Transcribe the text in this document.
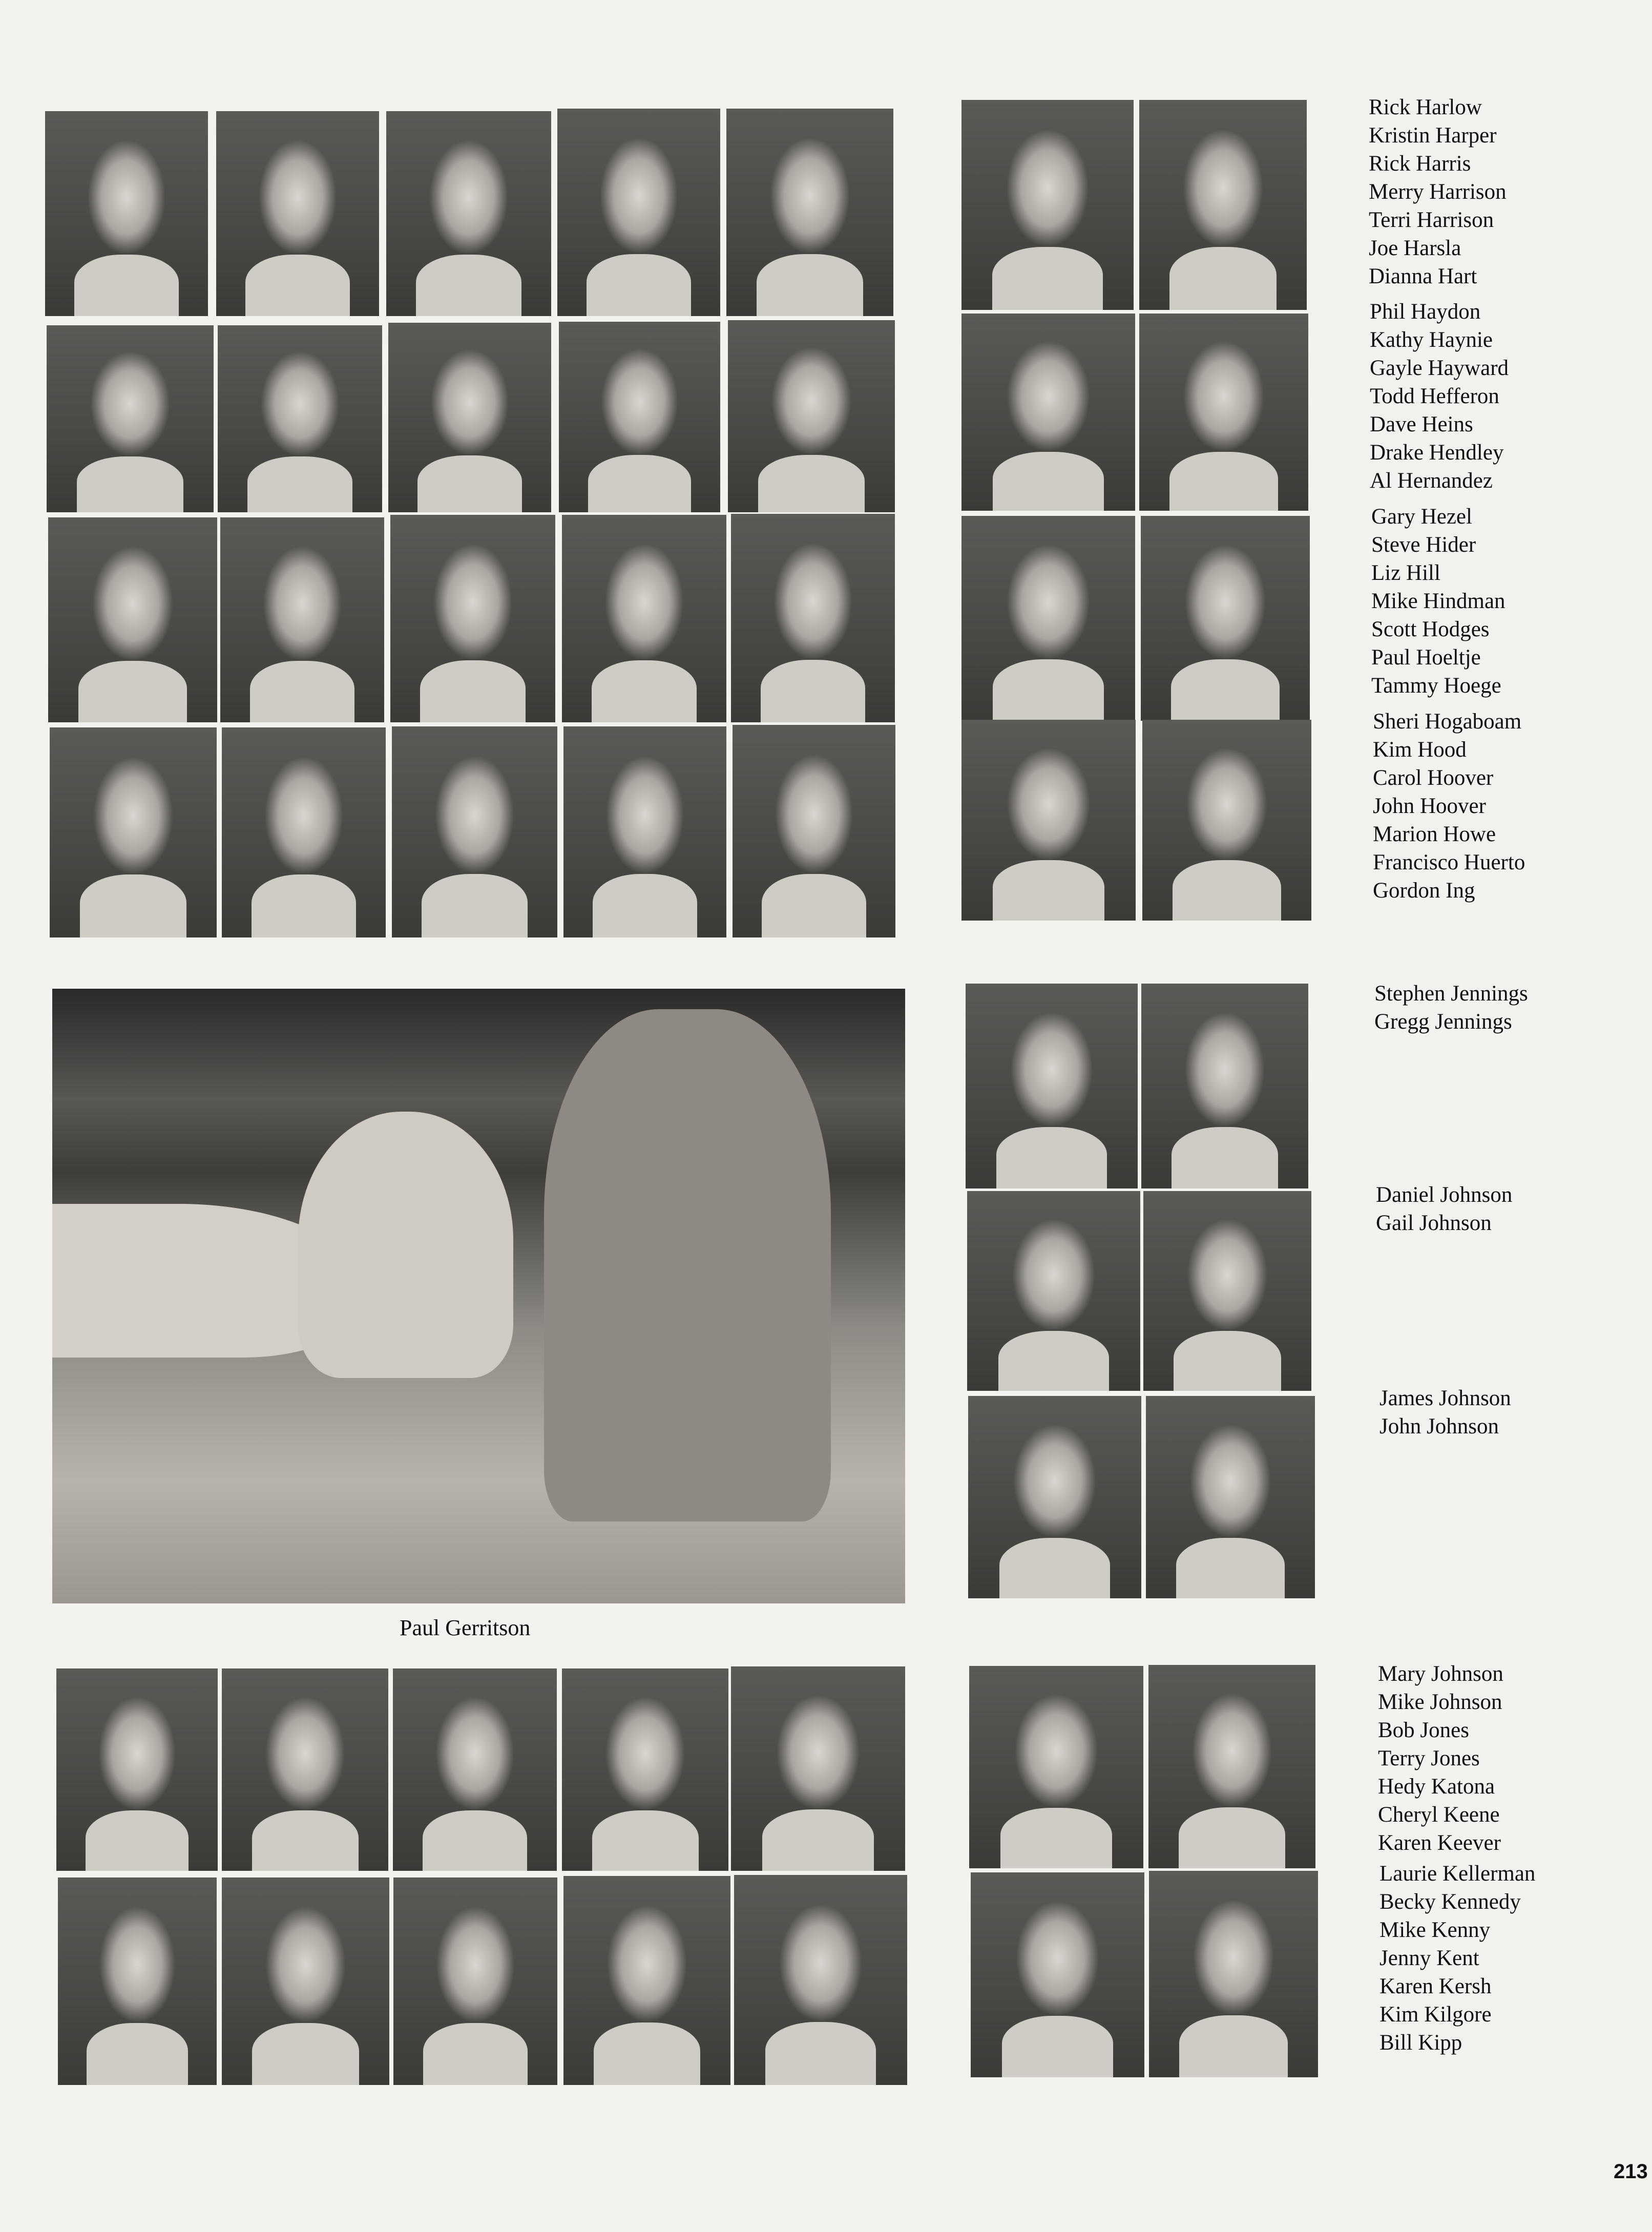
Paul Gerritson
Rick Harlow
Kristin Harper
Rick Harris
Merry Harrison
Terri Harrison
Joe Harsla
Dianna Hart
Phil Haydon
Kathy Haynie
Gayle Hayward
Todd Hefferon
Dave Heins
Drake Hendley
Al Hernandez
Gary Hezel
Steve Hider
Liz Hill
Mike Hindman
Scott Hodges
Paul Hoeltje
Tammy Hoege
Sheri Hogaboam
Kim Hood
Carol Hoover
John Hoover
Marion Howe
Francisco Huerto
Gordon Ing
Stephen Jennings
Gregg Jennings
Daniel Johnson
Gail Johnson
James Johnson
John Johnson
Mary Johnson
Mike Johnson
Bob Jones
Terry Jones
Hedy Katona
Cheryl Keene
Karen Keever
Laurie Kellerman
Becky Kennedy
Mike Kenny
Jenny Kent
Karen Kersh
Kim Kilgore
Bill Kipp
213
